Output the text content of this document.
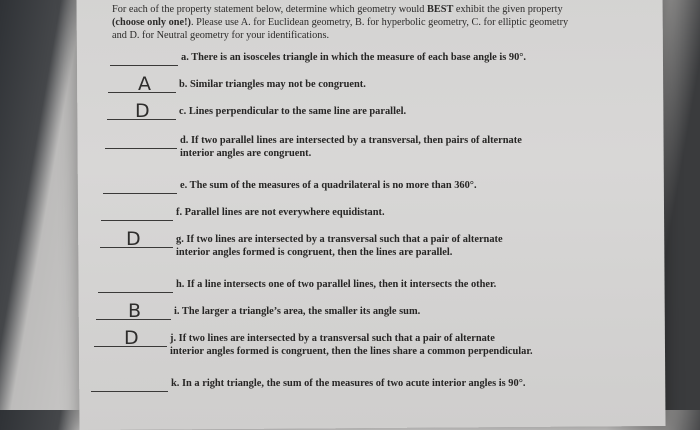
For each of the property statement below, determine which geometry would BEST exhibit the given property (choose only one!). Please use A. for Euclidean geometry, B. for hyperbolic geometry, C. for elliptic geometry and D. for Neutral geometry for your identifications.
a. There is an isosceles triangle in which the measure of each base angle is 90°.
A	b. Similar triangles may not be congruent.
D	c. Lines perpendicular to the same line are parallel.
d. If two parallel lines are intersected by a transversal, then pairs of alternate
interior angles are congruent.
e. The sum of the measures of a quadrilateral is no more than 360°.
f. Parallel lines are not everywhere equidistant.
D	g. If two lines are intersected by a transversal such that a pair of alternate
interior angles formed is congruent, then the lines are parallel.
h. If a line intersects one of two parallel lines, then it intersects the other.
B	i. The larger a triangle’s area, the smaller its angle sum.
D	j. If two lines are intersected by a transversal such that a pair of alternate
interior angles formed is congruent, then the lines share a common perpendicular.
k. In a right triangle, the sum of the measures of two acute interior angles is 90°.
